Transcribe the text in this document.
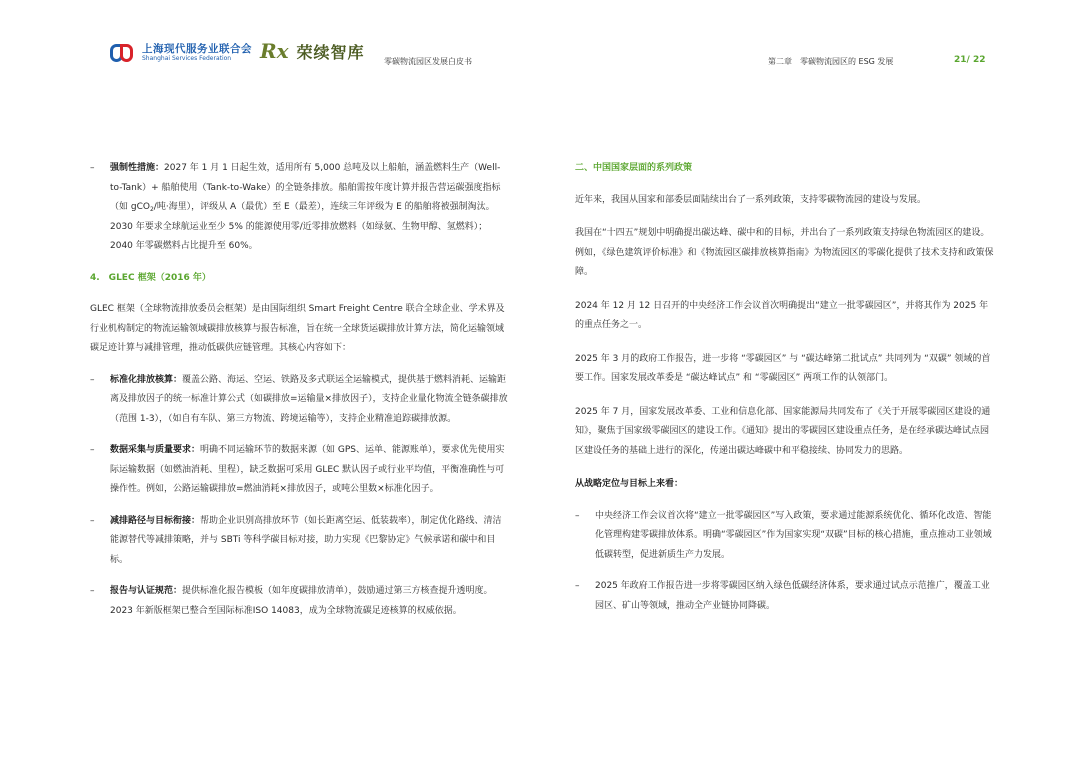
上海现代服务业联合会
Shanghai Services Federation	Rx 荣续智库 零碳物流园区发展白皮书	第二章　零碳物流园区的 ESG 发展	21/ 22
– 强制性措施：2027 年 1 月 1 日起生效，适用所有 5,000 总吨及以上船舶，涵盖燃料生产（Well-to-Tank）+ 船舶使用（Tank-to-Wake）的全链条排放。船舶需按年度计算并报告营运碳强度指标（如 gCO$_2$/吨·海里），评级从 A（最优）至 E（最差），连续三年评级为 E 的船舶将被强制淘汰。2030 年要求全球航运业至少 5% 的能源使用零/近零排放燃料（如绿氨、生物甲醇、氢燃料）；2040 年零碳燃料占比提升至 60%。
4.　GLEC 框架（2016 年）
GLEC 框架（全球物流排放委员会框架）是由国际组织 Smart Freight Centre 联合全球企业、学术界及行业机构制定的物流运输领域碳排放核算与报告标准，旨在统一全球货运碳排放计算方法，简化运输领域碳足迹计算与减排管理，推动低碳供应链管理。其核心内容如下：
– 标准化排放核算：覆盖公路、海运、空运、铁路及多式联运全运输模式，提供基于燃料消耗、运输距离及排放因子的统一标准计算公式（如碳排放=运输量×排放因子），支持企业量化物流全链条碳排放（范围 1-3），（如自有车队、第三方物流、跨境运输等），支持企业精准追踪碳排放源。
– 数据采集与质量要求：明确不同运输环节的数据来源（如 GPS、运单、能源账单），要求优先使用实际运输数据（如燃油消耗、里程），缺乏数据可采用 GLEC 默认因子或行业平均值，平衡准确性与可操作性。例如，公路运输碳排放=燃油消耗×排放因子，或吨公里数×标准化因子。
– 减排路径与目标衔接：帮助企业识别高排放环节（如长距离空运、低装载率），制定优化路线、清洁能源替代等减排策略，并与 SBTi 等科学碳目标对接，助力实现《巴黎协定》气候承诺和碳中和目标。
– 报告与认证规范：提供标准化报告模板（如年度碳排放清单），鼓励通过第三方核查提升透明度。2023 年新版框架已整合至国际标准ISO 14083，成为全球物流碳足迹核算的权威依据。
二、中国国家层面的系列政策
近年来，我国从国家和部委层面陆续出台了一系列政策，支持零碳物流园的建设与发展。
我国在“十四五”规划中明确提出碳达峰、碳中和的目标，并出台了一系列政策支持绿色物流园区的建设。例如，《绿色建筑评价标准》和《物流园区碳排放核算指南》为物流园区的零碳化提供了技术支持和政策保障。
2024 年 12 月 12 日召开的中央经济工作会议首次明确提出“建立一批零碳园区”，并将其作为 2025 年的重点任务之一。
2025 年 3 月的政府工作报告，进一步将 “零碳园区” 与 “碳达峰第二批试点” 共同列为 “双碳” 领域的首要工作。国家发展改革委是 “碳达峰试点” 和 “零碳园区” 两项工作的认领部门。
2025 年 7 月，国家发展改革委、工业和信息化部、国家能源局共同发布了《关于开展零碳园区建设的通知》，聚焦于国家级零碳园区的建设工作。《通知》提出的零碳园区建设重点任务，是在经承碳达峰试点园区建设任务的基础上进行的深化，传递出碳达峰碳中和平稳接续、协同发力的思路。
从战略定位与目标上来看：
– 中央经济工作会议首次将“建立一批零碳园区”写入政策，要求通过能源系统优化、循环化改造、智能化管理构建零碳排放体系。明确“零碳园区”作为国家实现“双碳”目标的核心措施，重点推动工业领域低碳转型，促进新质生产力发展。
– 2025 年政府工作报告进一步将零碳园区纳入绿色低碳经济体系，要求通过试点示范推广，覆盖工业园区、矿山等领域，推动全产业链协同降碳。
